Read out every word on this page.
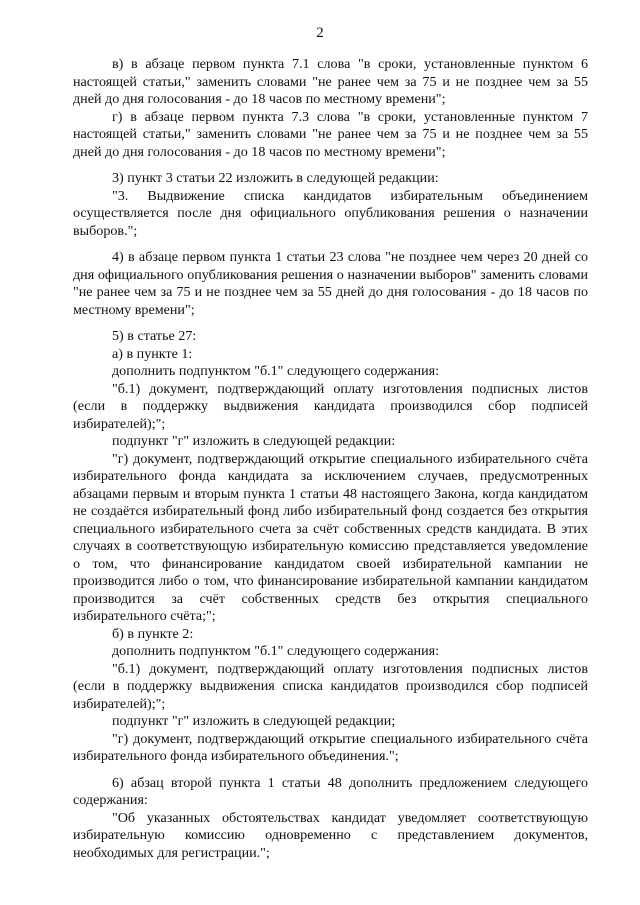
2

в) в абзаце первом пункта 7.1 слова "в сроки, установленные пунктом 6 настоящей статьи," заменить словами "не ранее чем за 75 и не позднее чем за 55 дней до дня голосования - до 18 часов по местному времени";

г) в абзаце первом пункта 7.3 слова "в сроки, установленные пунктом 7 настоящей статьи," заменить словами "не ранее чем за 75 и не позднее чем за 55 дней до дня голосования - до 18 часов по местному времени";

3) пункт 3 статьи 22 изложить в следующей редакции:

"3. Выдвижение списка кандидатов избирательным объединением осуществляется после дня официального опубликования решения о назначении выборов.";

4) в абзаце первом пункта 1 статьи 23 слова "не позднее чем через 20 дней со дня официального опубликования решения о назначении выборов" заменить словами "не ранее чем за 75 и не позднее чем за 55 дней до дня голосования - до 18 часов по местному времени";

5) в статье 27:

а) в пункте 1:

дополнить подпунктом "б.1" следующего содержания:

"б.1) документ, подтверждающий оплату изготовления подписных листов (если в поддержку выдвижения кандидата производился сбор подписей избирателей);";

подпункт "г" изложить в следующей редакции:

"г) документ, подтверждающий открытие специального избирательного счёта избирательного фонда кандидата за исключением случаев, предусмотренных абзацами первым и вторым пункта 1 статьи 48 настоящего Закона, когда кандидатом не создаётся избирательный фонд либо избирательный фонд создается без открытия специального избирательного счета за счёт собственных средств кандидата. В этих случаях в соответствующую избирательную комиссию представляется уведомление о том, что финансирование кандидатом своей избирательной кампании не производится либо о том, что финансирование избирательной кампании кандидатом производится за счёт собственных средств без открытия специального избирательного счёта;";

б) в пункте 2:

дополнить подпунктом "б.1" следующего содержания:

"б.1) документ, подтверждающий оплату изготовления подписных листов (если в поддержку выдвижения списка кандидатов производился сбор подписей избирателей);";

подпункт "г" изложить в следующей редакции;

"г) документ, подтверждающий открытие специального избирательного счёта избирательного фонда избирательного объединения.";

6) абзац второй пункта 1 статьи 48 дополнить предложением следующего содержания:

"Об указанных обстоятельствах кандидат уведомляет соответствующую избирательную комиссию одновременно с представлением документов, необходимых для регистрации.";
